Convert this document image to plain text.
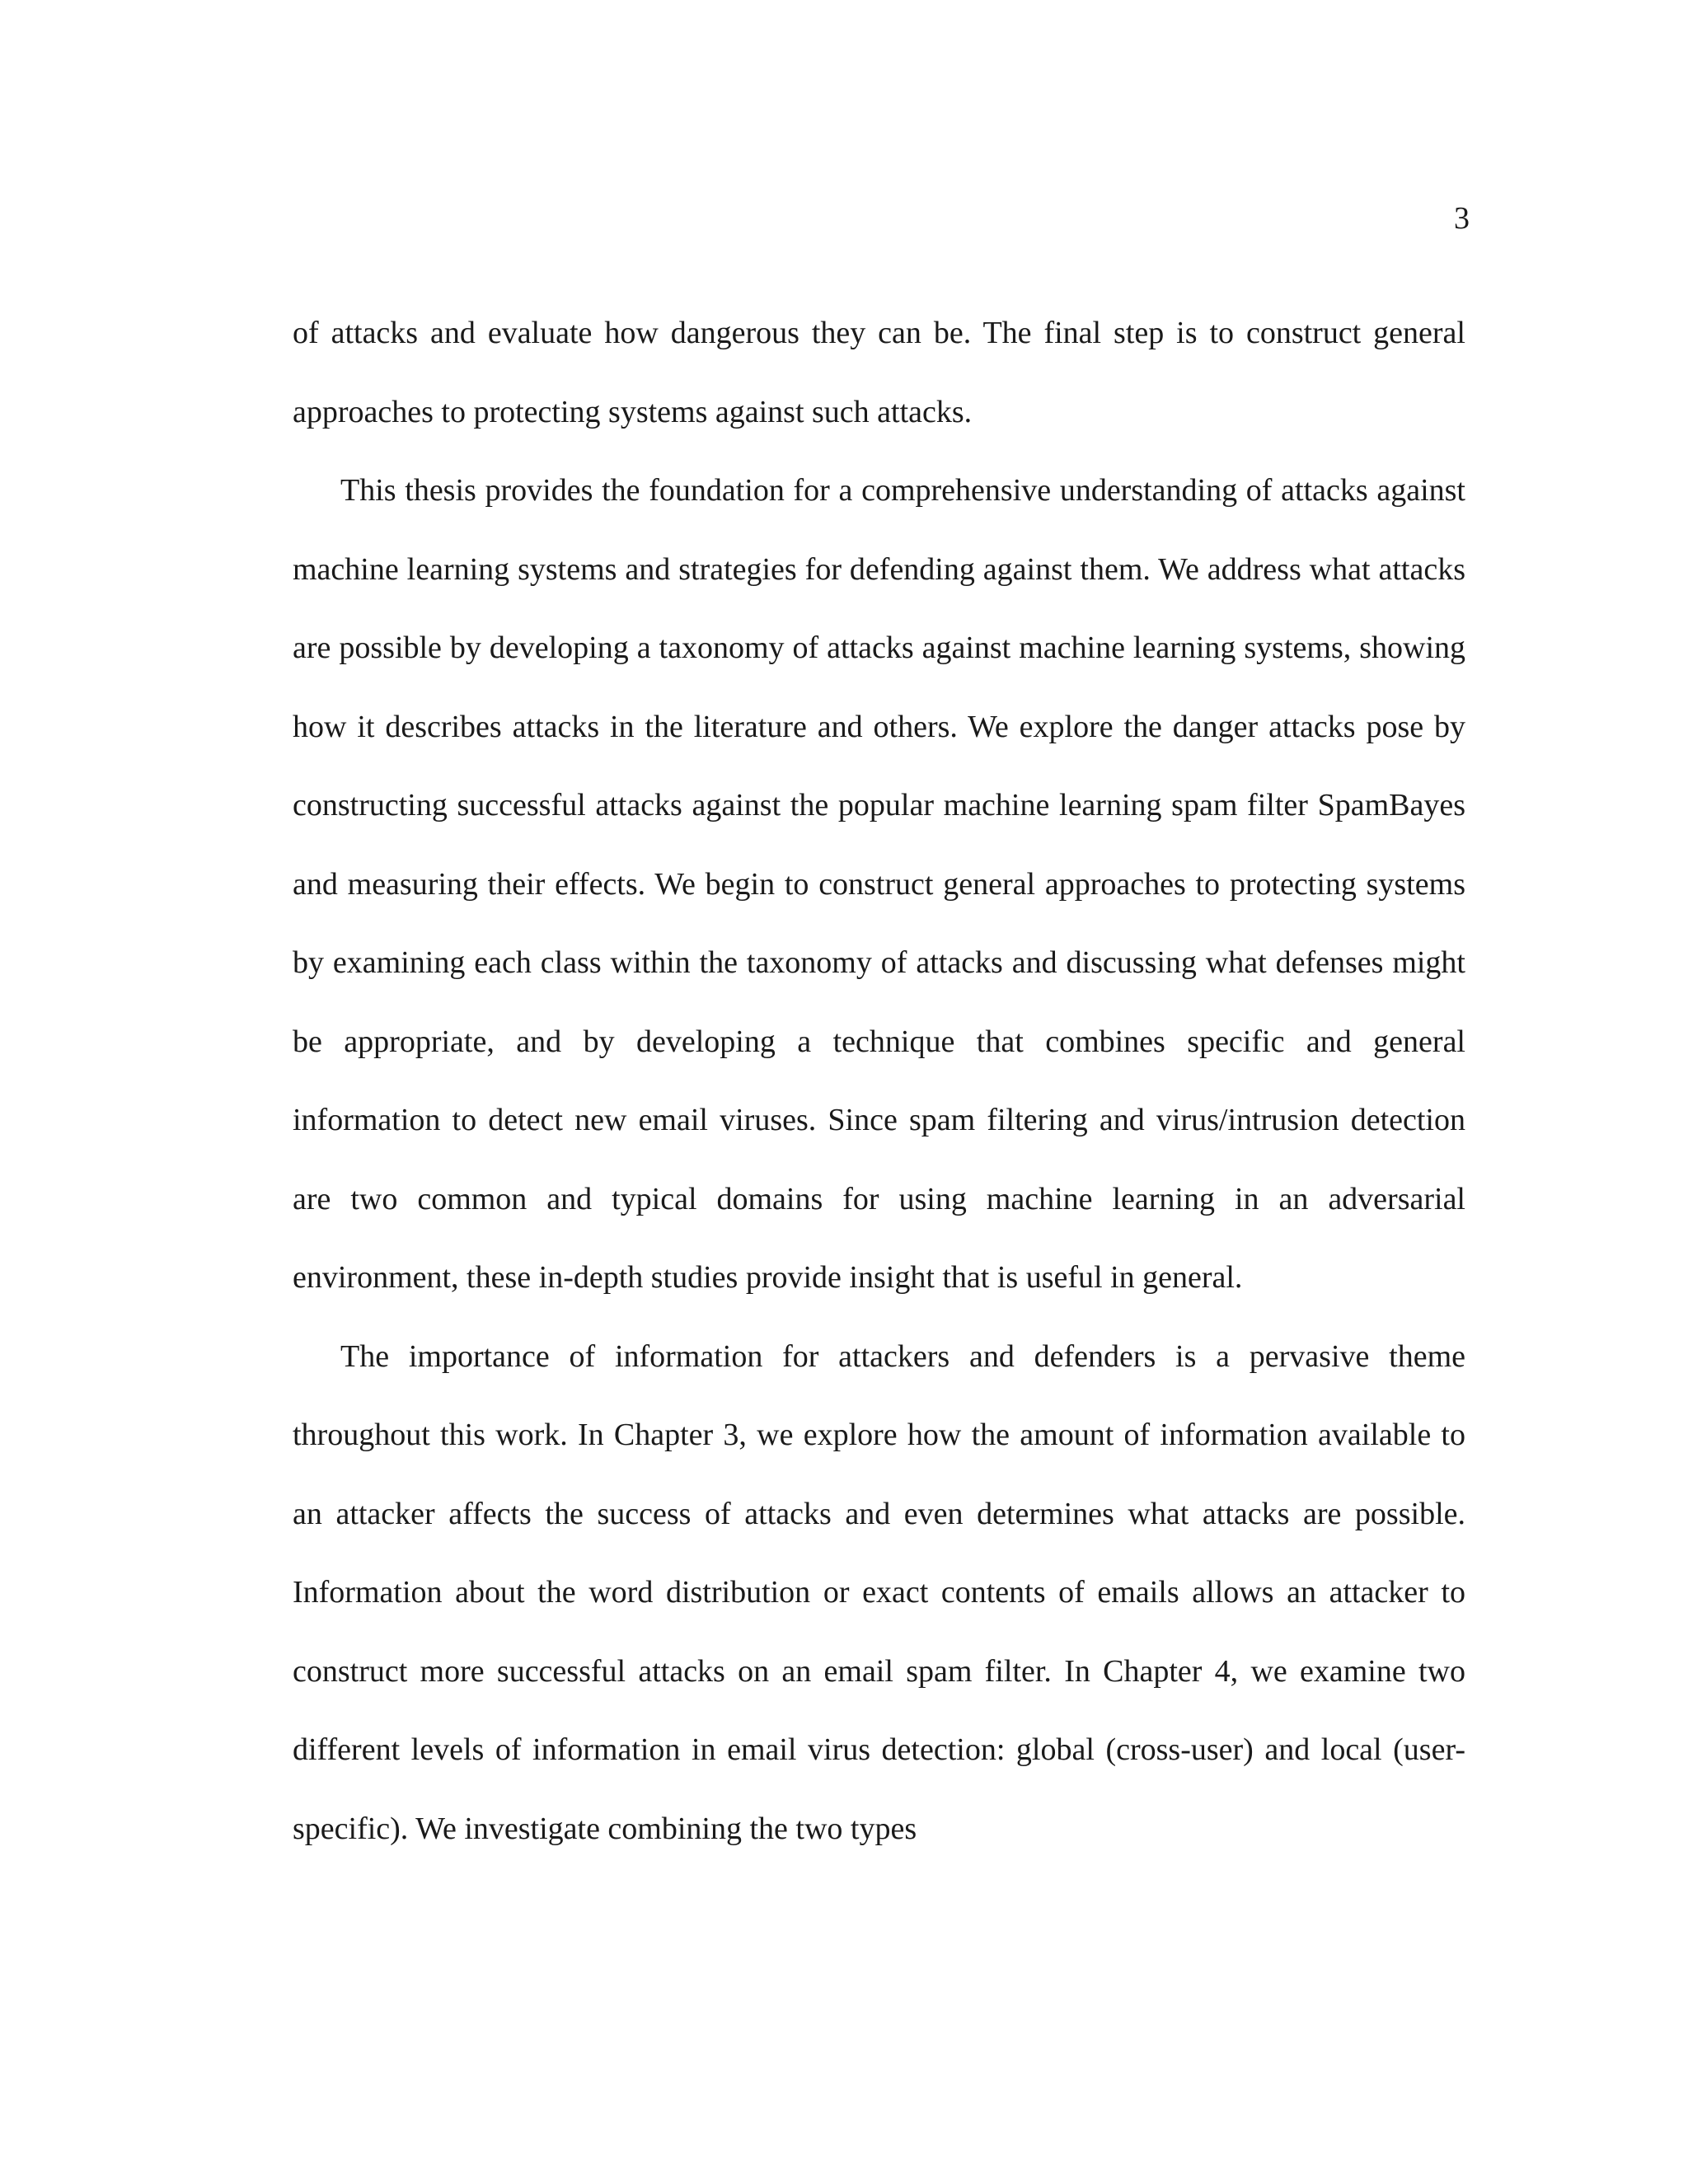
3

of attacks and evaluate how dangerous they can be. The final step is to construct general approaches to protecting systems against such attacks.

This thesis provides the foundation for a comprehensive understanding of attacks against machine learning systems and strategies for defending against them. We address what attacks are possible by developing a taxonomy of attacks against machine learning systems, showing how it describes attacks in the literature and others. We explore the danger attacks pose by constructing successful attacks against the popular machine learning spam filter SpamBayes and measuring their effects. We begin to construct general approaches to protecting systems by examining each class within the taxonomy of attacks and discussing what defenses might be appropriate, and by developing a technique that combines specific and general information to detect new email viruses. Since spam filtering and virus/intrusion detection are two common and typical domains for using machine learning in an adversarial environment, these in-depth studies provide insight that is useful in general.

The importance of information for attackers and defenders is a pervasive theme throughout this work. In Chapter 3, we explore how the amount of information available to an attacker affects the success of attacks and even determines what attacks are possible. Information about the word distribution or exact contents of emails allows an attacker to construct more successful attacks on an email spam filter. In Chapter 4, we examine two different levels of information in email virus detection: global (cross-user) and local (user-specific). We investigate combining the two types
